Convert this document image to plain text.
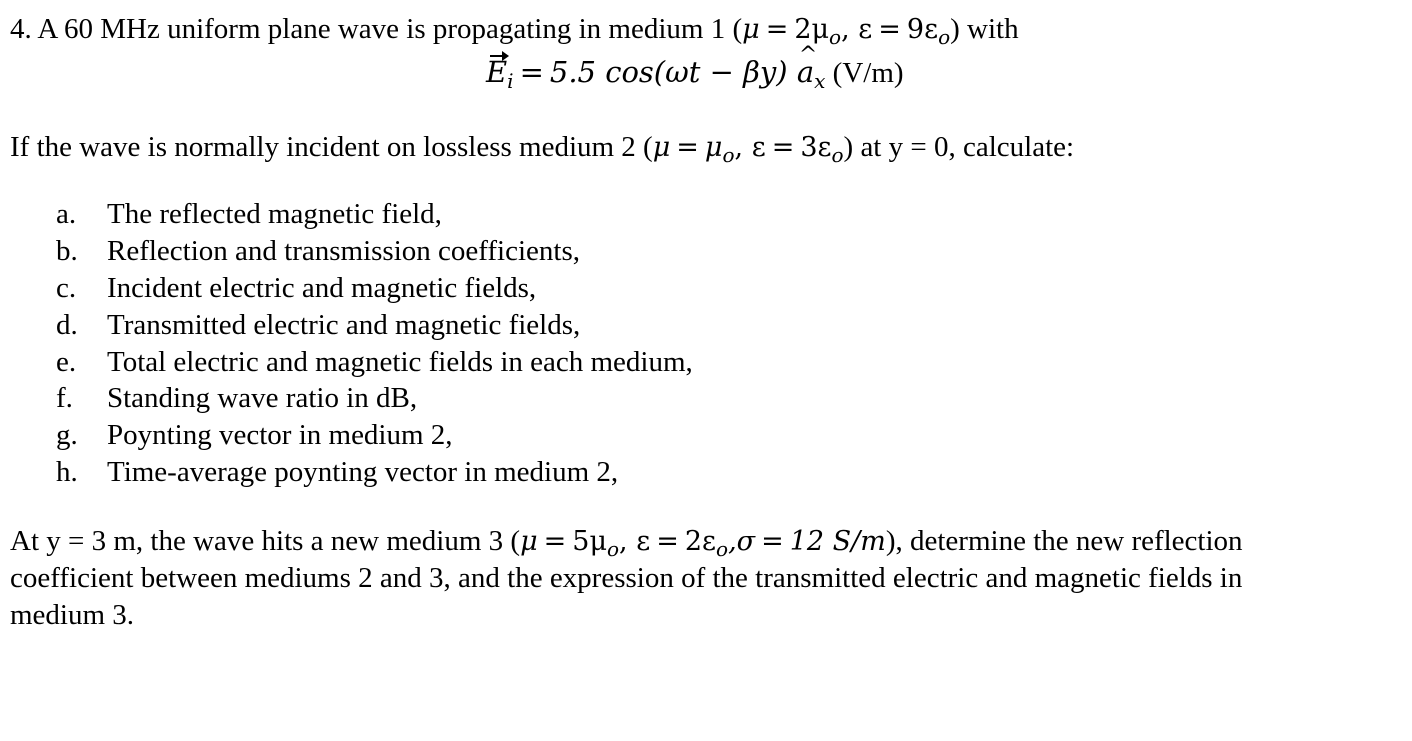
4. A 60 MHz uniform plane wave is propagating in medium 1 ($\mu = 2\mu_o$, $\varepsilon = 9\varepsilon_o$) with
$E_i = 5.5$ cos(ωt − βy) ^ $a_x$ (V/m)
If the wave is normally incident on lossless medium 2 ($\mu = \mu_o$, $\varepsilon = 3\varepsilon_o$) at y = 0, calculate:
a. The reflected magnetic field,
b. Reflection and transmission coefficients,
c. Incident electric and magnetic fields,
d. Transmitted electric and magnetic fields,
e. Total electric and magnetic fields in each medium,
f. Standing wave ratio in dB,
g. Poynting vector in medium 2,
h. Time-average poynting vector in medium 2,
At y = 3 m, the wave hits a new medium 3 ($\mu = 5\mu_o$, $\varepsilon = 2\varepsilon_o,\sigma = 12$ S/m), determine the new reflection
coefficient between mediums 2 and 3, and the expression of the transmitted electric and magnetic fields in
medium 3.
